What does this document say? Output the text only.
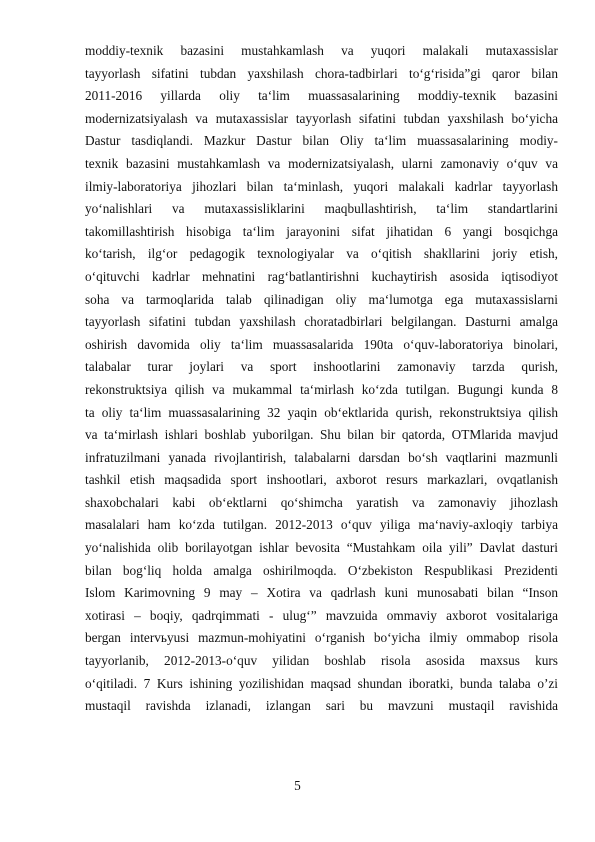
moddiy-texnik bazasini mustahkamlash va yuqori malakali mutaxassislar
tayyorlash sifatini tubdan yaxshilash chora-tadbirlari to‘g‘risida”gi qaror bilan
2011-2016 yillarda oliy ta‘lim muassasalarining moddiy-texnik bazasini
modernizatsiyalash va mutaxassislar tayyorlash sifatini tubdan yaxshilash bo‘yicha
Dastur tasdiqlandi. Mazkur Dastur bilan Oliy ta‘lim muassasalarining modiy-
texnik bazasini mustahkamlash va modernizatsiyalash, ularni zamonaviy o‘quv va
ilmiy-laboratoriya jihozlari bilan ta‘minlash, yuqori malakali kadrlar tayyorlash
yo‘nalishlari va mutaxassisliklarini maqbullashtirish, ta‘lim standartlarini
takomillashtirish hisobiga ta‘lim jarayonini sifat jihatidan 6 yangi bosqichga
ko‘tarish, ilg‘or pedagogik texnologiyalar va o‘qitish shakllarini joriy etish,
o‘qituvchi kadrlar mehnatini rag‘batlantirishni kuchaytirish asosida iqtisodiyot
soha va tarmoqlarida talab qilinadigan oliy ma‘lumotga ega mutaxassislarni
tayyorlash sifatini tubdan yaxshilash choratadbirlari belgilangan. Dasturni amalga
oshirish davomida oliy ta‘lim muassasalarida 190ta o‘quv-laboratoriya binolari,
talabalar turar joylari va sport inshootlarini zamonaviy tarzda qurish,
rekonstruktsiya qilish va mukammal ta‘mirlash ko‘zda tutilgan. Bugungi kunda 8
ta oliy ta‘lim muassasalarining 32 yaqin ob‘ektlarida qurish, rekonstruktsiya qilish
va ta‘mirlash ishlari boshlab yuborilgan. Shu bilan bir qatorda, OTMlarida mavjud
infratuzilmani yanada rivojlantirish, talabalarni darsdan bo‘sh vaqtlarini mazmunli
tashkil etish maqsadida sport inshootlari, axborot resurs markazlari, ovqatlanish
shaxobchalari kabi ob‘ektlarni qo‘shimcha yaratish va zamonaviy jihozlash
masalalari ham ko‘zda tutilgan. 2012-2013 o‘quv yiliga ma‘naviy-axloqiy tarbiya
yo‘nalishida olib borilayotgan ishlar bevosita “Mustahkam oila yili” Davlat dasturi
bilan bog‘liq holda amalga oshirilmoqda. O‘zbekiston Respublikasi Prezidenti
Islom Karimovning 9 may – Xotira va qadrlash kuni munosabati bilan “Inson
xotirasi – boqiy, qadrqimmati - ulug‘” mavzuida ommaviy axborot vositalariga
bergan intervьyusi mazmun-mohiyatini o‘rganish bo‘yicha ilmiy ommabop risola
tayyorlanib, 2012-2013-o‘quv yilidan boshlab risola asosida maxsus kurs
o‘qitiladi. 7 Kurs ishining yozilishidan maqsad shundan iboratki, bunda talaba o’zi
mustaqil ravishda izlanadi, izlangan sari bu mavzuni mustaqil ravishida
5
